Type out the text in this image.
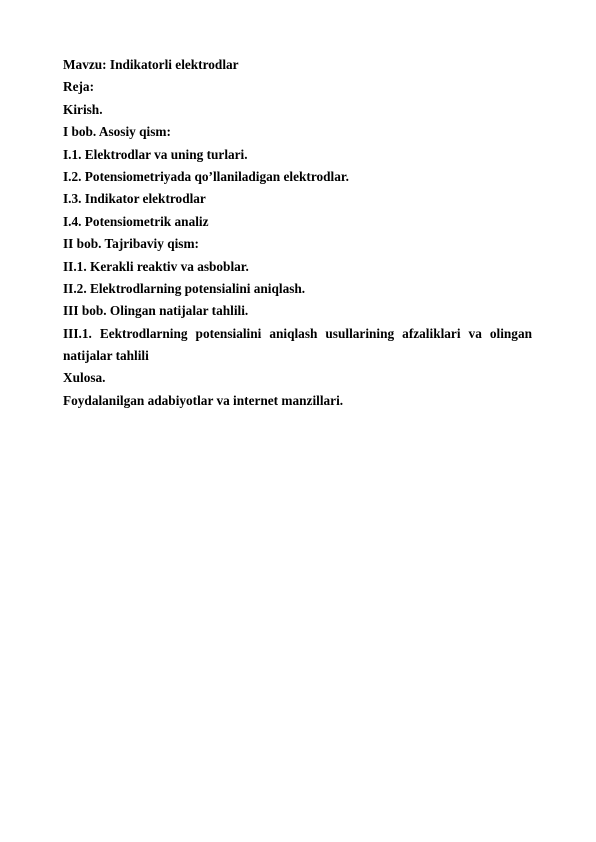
Mavzu: Indikatorli elektrodlar
Reja:
Kirish.
I bob. Asosiy qism:
I.1. Elektrodlar va uning turlari.
I.2. Potensiometriyada qo’llaniladigan elektrodlar.
I.3. Indikator elektrodlar
I.4. Potensiometrik analiz
II bob. Tajribaviy qism:
II.1. Kerakli reaktiv va asboblar.
II.2. Elektrodlarning potensialini aniqlash.
III bob. Olingan natijalar tahlili.
III.1. Eektrodlarning potensialini aniqlash usullarining afzaliklari va olingan
natijalar tahlili
Xulosa.
Foydalanilgan adabiyotlar va internet manzillari.
